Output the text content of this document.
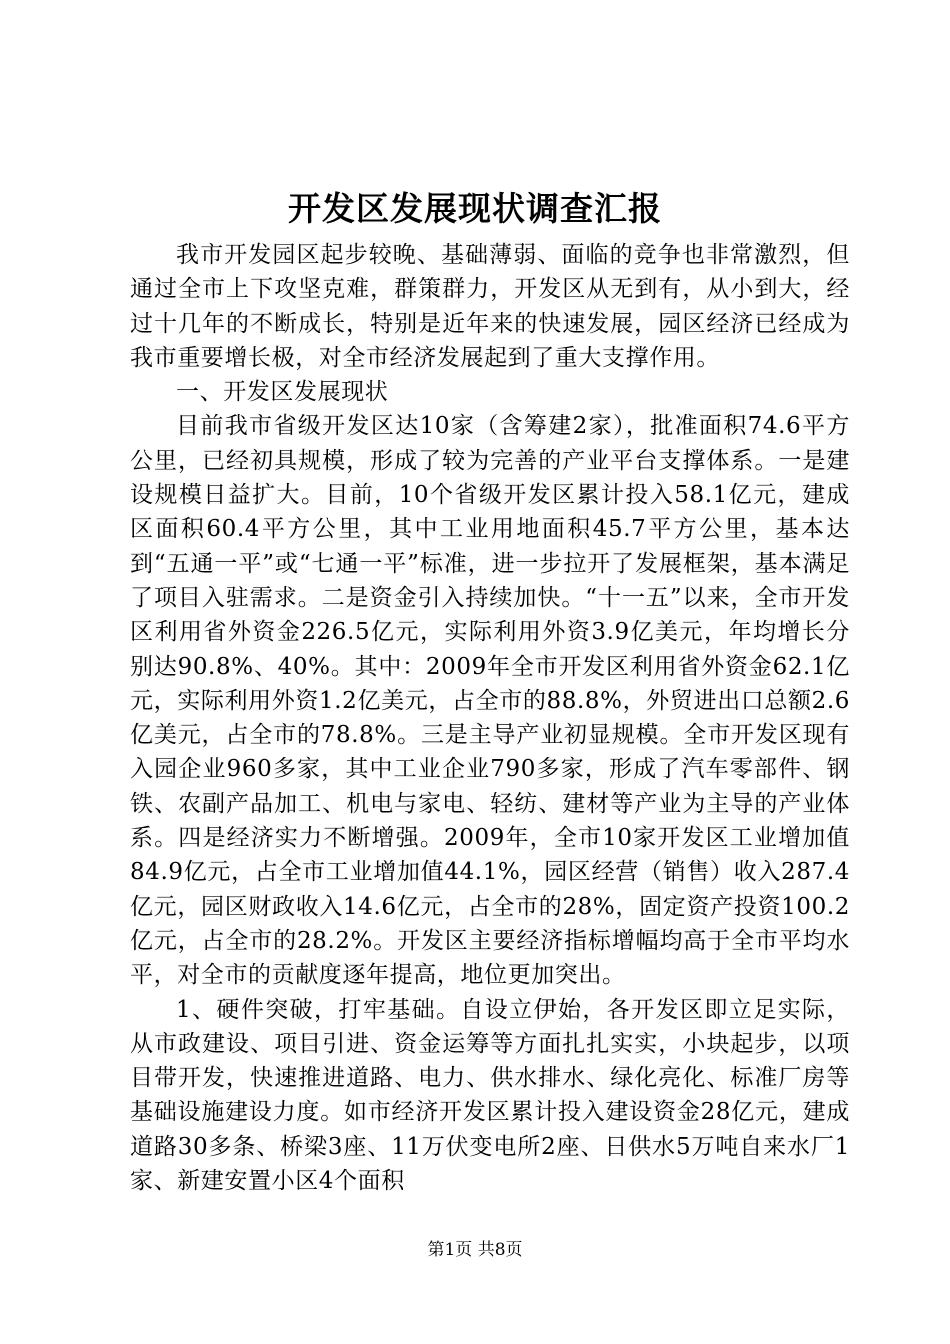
开发区发展现状调查汇报

我市开发园区起步较晚、基础薄弱、面临的竞争也非常激烈，但通过全市上下攻坚克难，群策群力，开发区从无到有，从小到大，经过十几年的不断成长，特别是近年来的快速发展，园区经济已经成为我市重要增长极，对全市经济发展起到了重大支撑作用。

一、开发区发展现状

目前我市省级开发区达10家（含筹建2家），批准面积74.6平方公里，已经初具规模，形成了较为完善的产业平台支撑体系。一是建设规模日益扩大。目前，10个省级开发区累计投入58.1亿元，建成区面积60.4平方公里，其中工业用地面积45.7平方公里，基本达到“五通一平”或“七通一平”标准，进一步拉开了发展框架，基本满足了项目入驻需求。二是资金引入持续加快。“十一五”以来，全市开发区利用省外资金226.5亿元，实际利用外资3.9亿美元，年均增长分别达90.8%、40%。其中：2009年全市开发区利用省外资金62.1亿元，实际利用外资1.2亿美元，占全市的88.8%，外贸进出口总额2.6亿美元，占全市的78.8%。三是主导产业初显规模。全市开发区现有入园企业960多家，其中工业企业790多家，形成了汽车零部件、钢铁、农副产品加工、机电与家电、轻纺、建材等产业为主导的产业体系。四是经济实力不断增强。2009年，全市10家开发区工业增加值84.9亿元，占全市工业增加值44.1%，园区经营（销售）收入287.4亿元，园区财政收入14.6亿元，占全市的28%，固定资产投资100.2亿元，占全市的28.2%。开发区主要经济指标增幅均高于全市平均水平，对全市的贡献度逐年提高，地位更加突出。

1、硬件突破，打牢基础。自设立伊始，各开发区即立足实际，从市政建设、项目引进、资金运筹等方面扎扎实实，小块起步，以项目带开发，快速推进道路、电力、供水排水、绿化亮化、标准厂房等基础设施建设力度。如市经济开发区累计投入建设资金28亿元，建成道路30多条、桥梁3座、11万伏变电所2座、日供水5万吨自来水厂1家、新建安置小区4个面积

第1页 共8页
